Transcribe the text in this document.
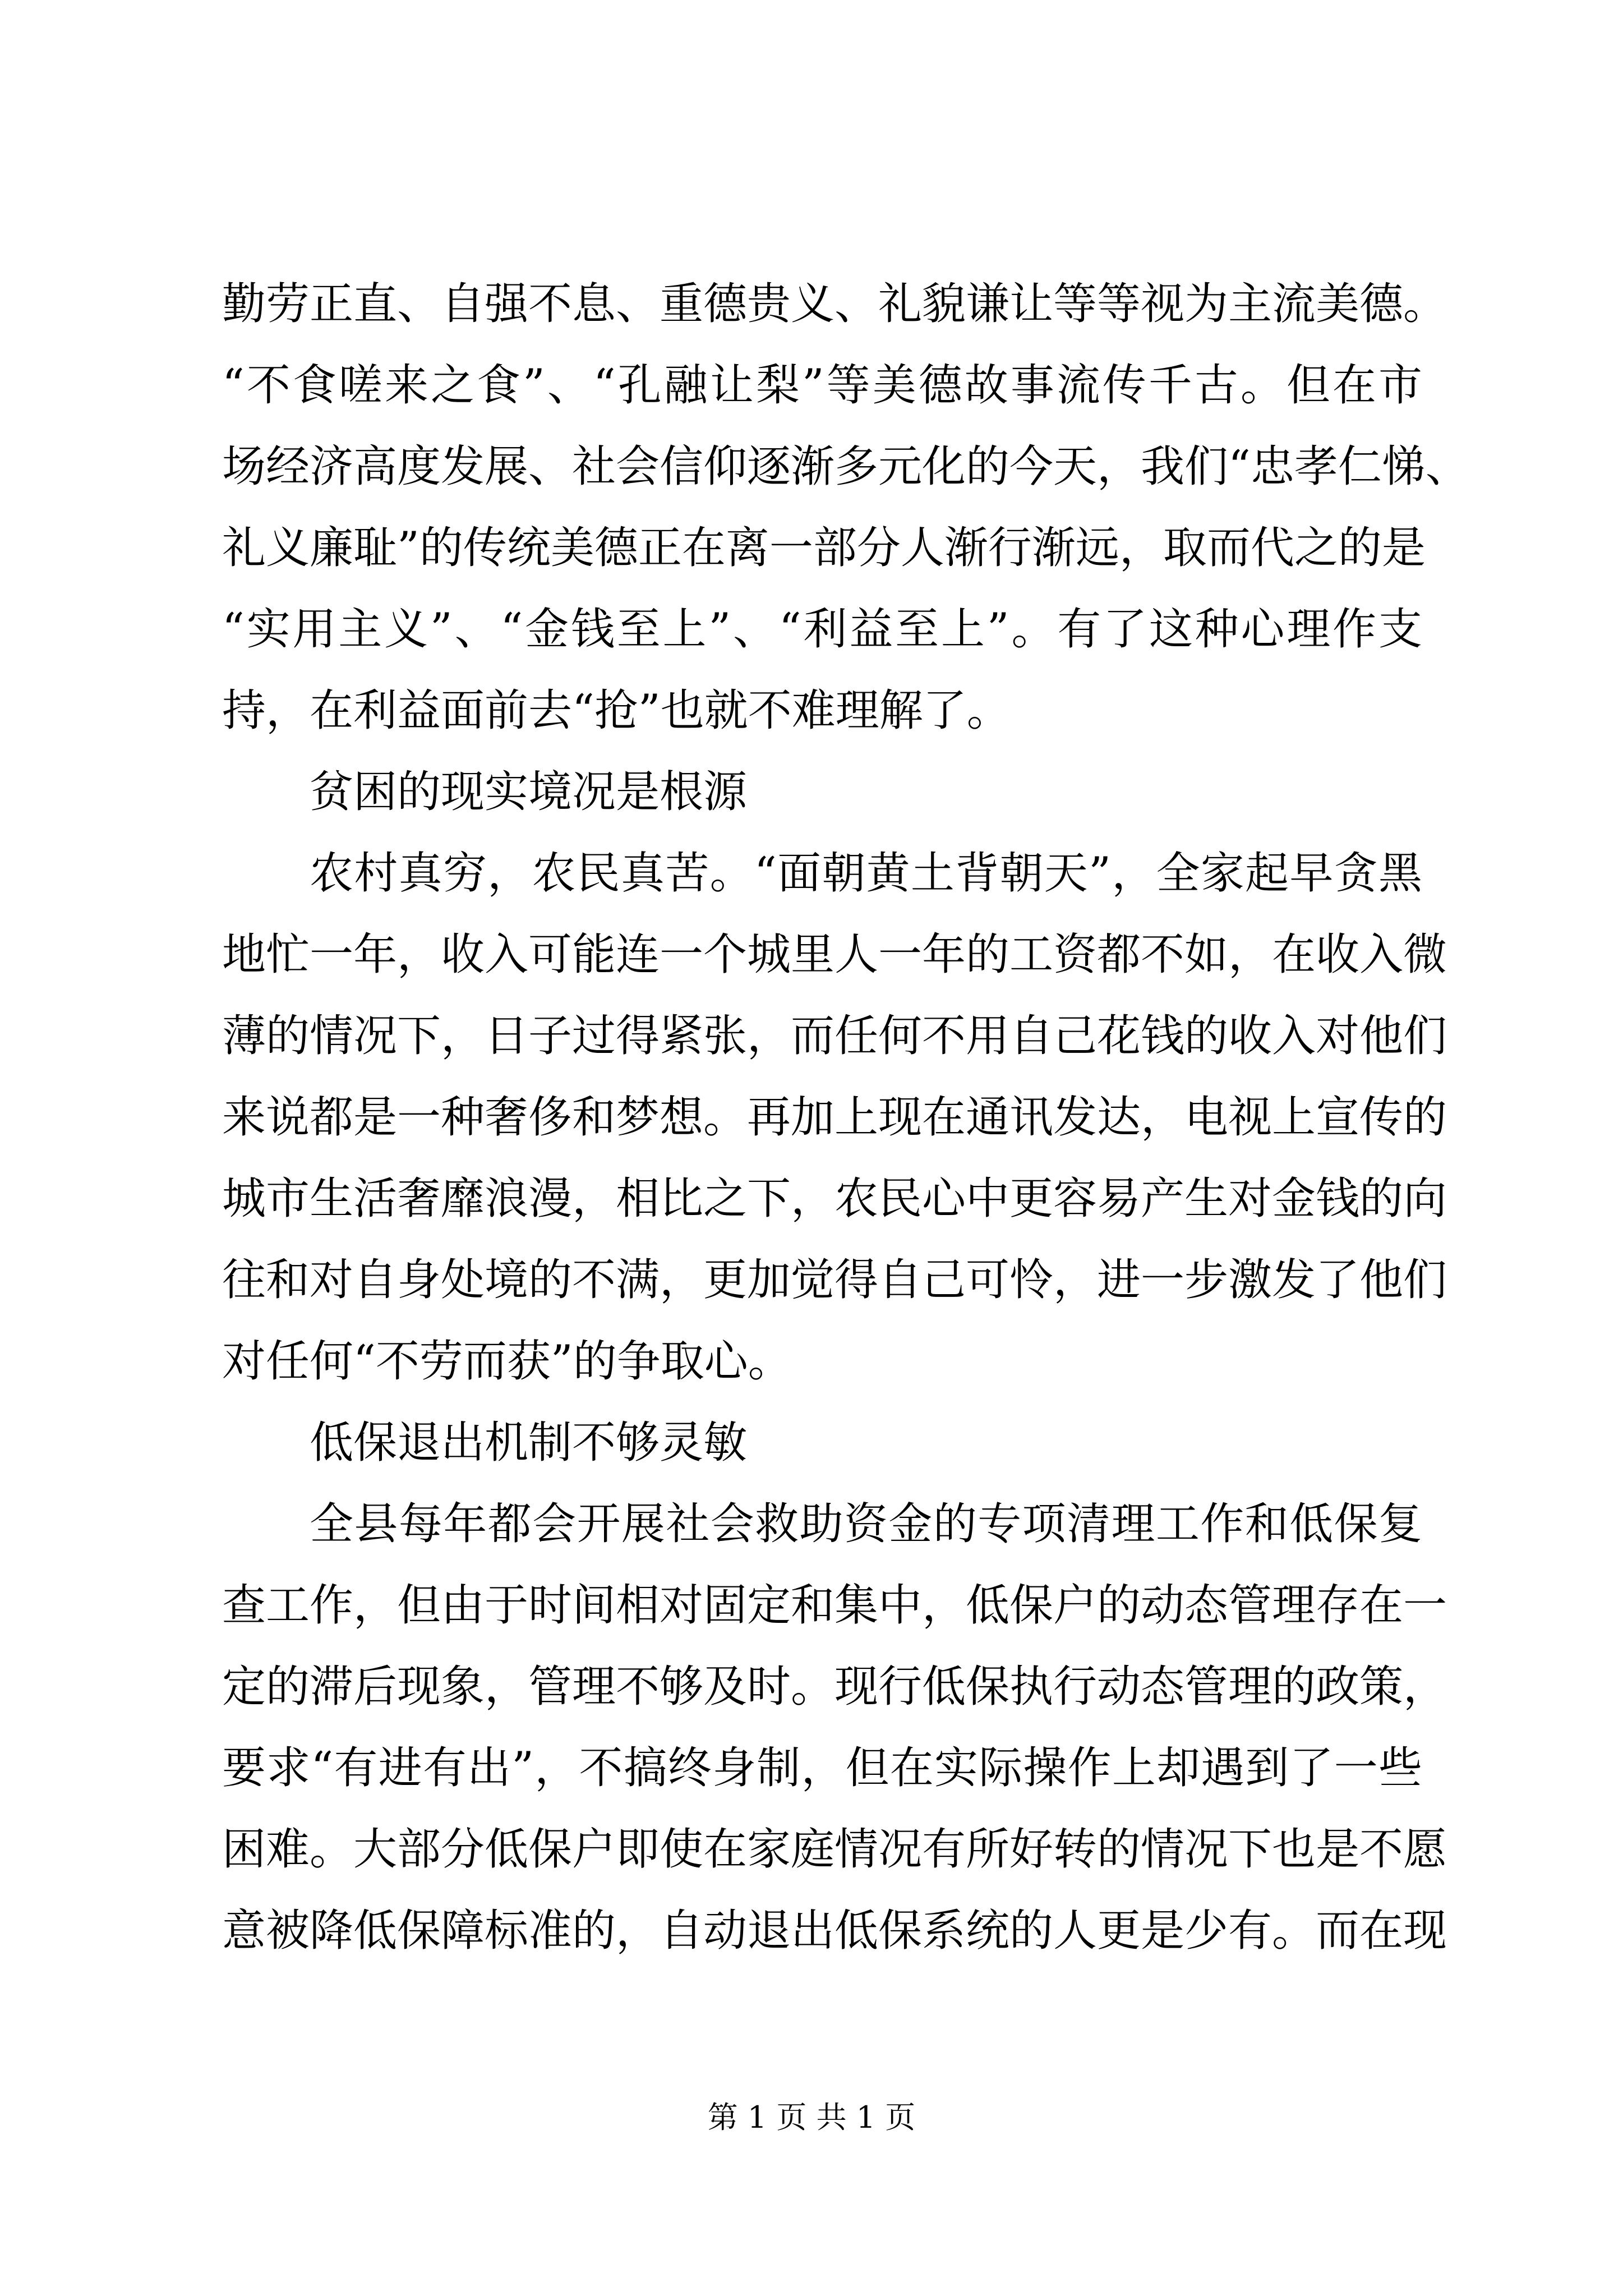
勤劳正直、自强不息、重德贵义、礼貌谦让等等视为主流美德。
“不食嗟来之食”、“孔融让梨”等美德故事流传千古。但在市
场经济高度发展、社会信仰逐渐多元化的今天，我们“忠孝仁悌、
礼义廉耻”的传统美德正在离一部分人渐行渐远，取而代之的是
“实用主义”、“金钱至上”、“利益至上”。有了这种心理作支
持，在利益面前去“抢”也就不难理解了。
贫困的现实境况是根源
农村真穷，农民真苦。“面朝黄土背朝天”，全家起早贪黑
地忙一年，收入可能连一个城里人一年的工资都不如，在收入微
薄的情况下，日子过得紧张，而任何不用自己花钱的收入对他们
来说都是一种奢侈和梦想。再加上现在通讯发达，电视上宣传的
城市生活奢靡浪漫，相比之下，农民心中更容易产生对金钱的向
往和对自身处境的不满，更加觉得自己可怜，进一步激发了他们
对任何“不劳而获”的争取心。
低保退出机制不够灵敏
全县每年都会开展社会救助资金的专项清理工作和低保复
查工作，但由于时间相对固定和集中，低保户的动态管理存在一
定的滞后现象，管理不够及时。现行低保执行动态管理的政策，
要求“有进有出”，不搞终身制，但在实际操作上却遇到了一些
困难。大部分低保户即使在家庭情况有所好转的情况下也是不愿
意被降低保障标准的，自动退出低保系统的人更是少有。而在现
第 1 页 共 1 页
